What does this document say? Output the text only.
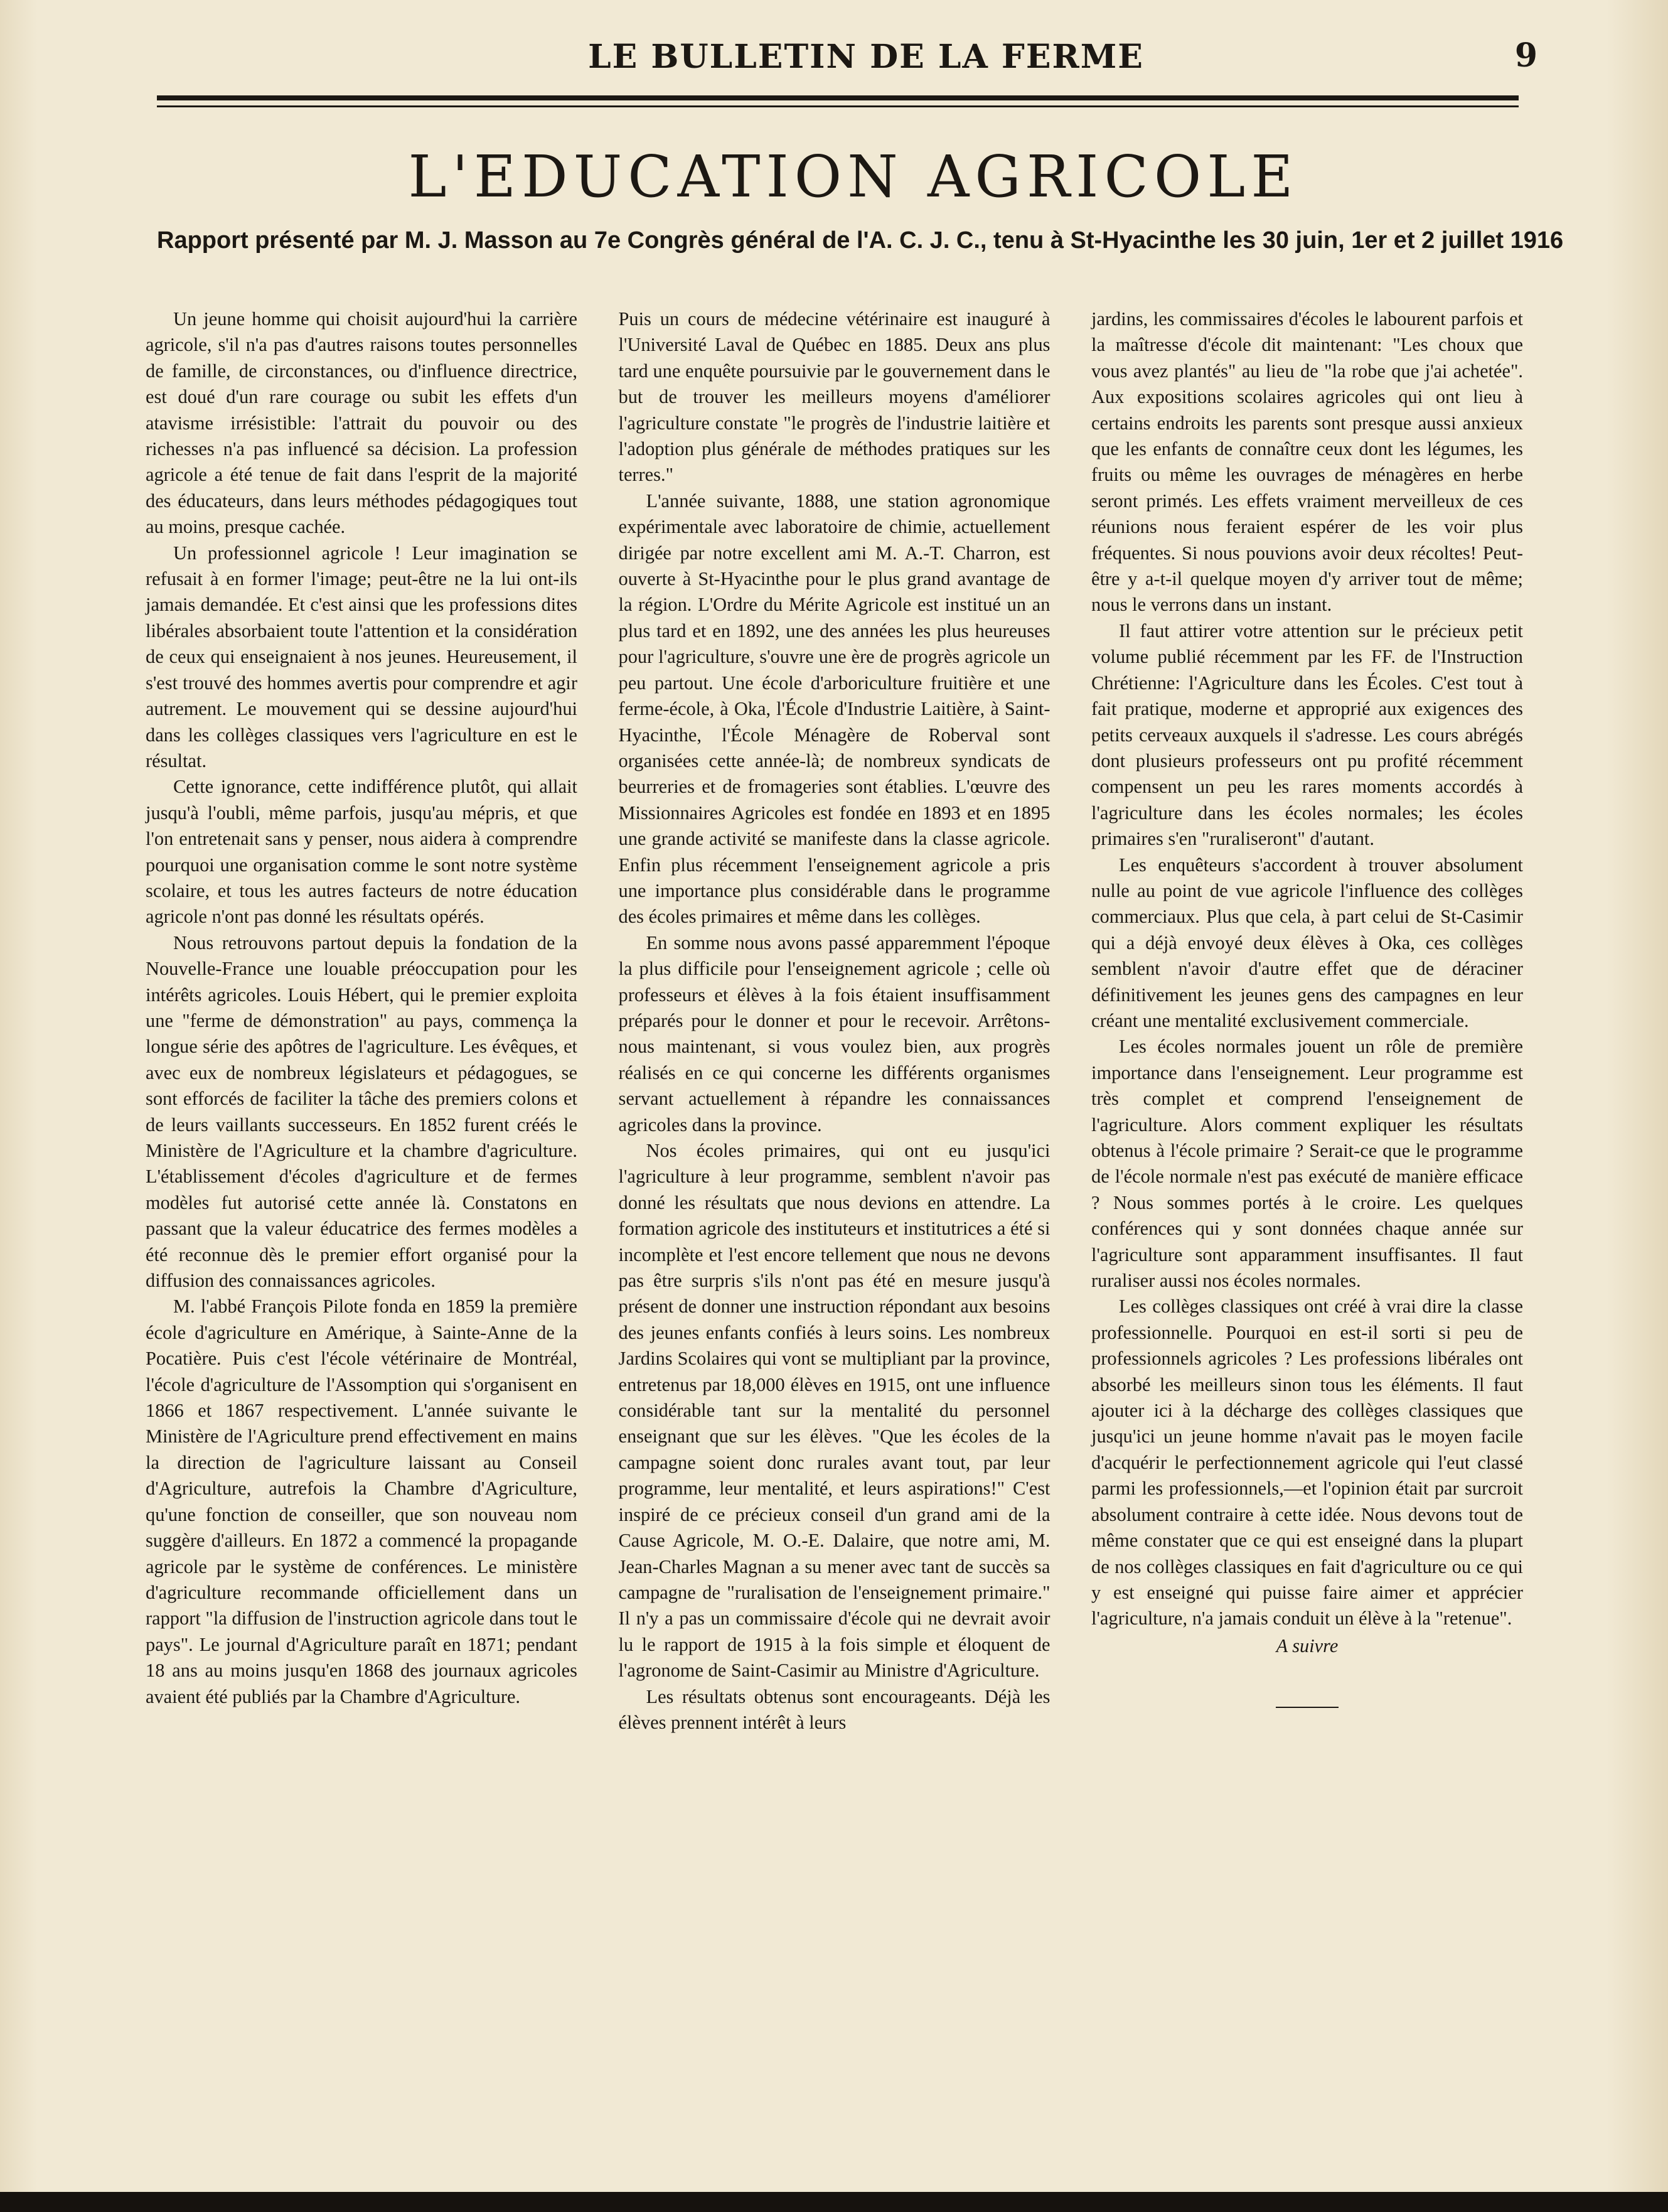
LE BULLETIN DE LA FERME	9
L'EDUCATION AGRICOLE
Rapport présenté par M. J. Masson au 7e Congrès général de l'A. C. J. C., tenu à St-Hyacinthe les 30 juin, 1er et 2 juillet 1916

Un jeune homme qui choisit aujourd'hui la carrière agricole, s'il n'a pas d'autres raisons toutes personnelles de famille, de circonstances, ou d'influence directrice, est doué d'un rare courage ou subit les effets d'un atavisme irrésistible: l'attrait du pouvoir ou des richesses n'a pas influencé sa décision. La profession agricole a été tenue de fait dans l'esprit de la majorité des éducateurs, dans leurs méthodes pédagogiques tout au moins, presque cachée.

Un professionnel agricole ! Leur imagination se refusait à en former l'image; peut-être ne la lui ont-ils jamais demandée. Et c'est ainsi que les professions dites libérales absorbaient toute l'attention et la considération de ceux qui enseignaient à nos jeunes. Heureusement, il s'est trouvé des hommes avertis pour comprendre et agir autrement. Le mouvement qui se dessine aujourd'hui dans les collèges classiques vers l'agriculture en est le résultat.

Cette ignorance, cette indifférence plutôt, qui allait jusqu'à l'oubli, même parfois, jusqu'au mépris, et que l'on entretenait sans y penser, nous aidera à comprendre pourquoi une organisation comme le sont notre système scolaire, et tous les autres facteurs de notre éducation agricole n'ont pas donné les résultats opérés.

Nous retrouvons partout depuis la fondation de la Nouvelle-France une louable préoccupation pour les intérêts agricoles. Louis Hébert, qui le premier exploita une "ferme de démonstration" au pays, commença la longue série des apôtres de l'agriculture. Les évêques, et avec eux de nombreux législateurs et pédagogues, se sont efforcés de faciliter la tâche des premiers colons et de leurs vaillants successeurs. En 1852 furent créés le Ministère de l'Agriculture et la chambre d'agriculture. L'établissement d'écoles d'agriculture et de fermes modèles fut autorisé cette année là. Constatons en passant que la valeur éducatrice des fermes modèles a été reconnue dès le premier effort organisé pour la diffusion des connaissances agricoles.

M. l'abbé François Pilote fonda en 1859 la première école d'agriculture en Amérique, à Sainte-Anne de la Pocatière. Puis c'est l'école vétérinaire de Montréal, l'école d'agriculture de l'Assomption qui s'organisent en 1866 et 1867 respectivement. L'année suivante le Ministère de l'Agriculture prend effectivement en mains la direction de l'agriculture laissant au Conseil d'Agriculture, autrefois la Chambre d'Agriculture, qu'une fonction de conseiller, que son nouveau nom suggère d'ailleurs. En 1872 a commencé la propagande agricole par le système de conférences. Le ministère d'agriculture recommande officiellement dans un rapport "la diffusion de l'instruction agricole dans tout le pays". Le journal d'Agriculture paraît en 1871; pendant 18 ans au moins jusqu'en 1868 des journaux agricoles avaient été publiés par la Chambre d'Agriculture.

Puis un cours de médecine vétérinaire est inauguré à l'Université Laval de Québec en 1885. Deux ans plus tard une enquête poursuivie par le gouvernement dans le but de trouver les meilleurs moyens d'améliorer l'agriculture constate "le progrès de l'industrie laitière et l'adoption plus générale de méthodes pratiques sur les terres."

L'année suivante, 1888, une station agronomique expérimentale avec laboratoire de chimie, actuellement dirigée par notre excellent ami M. A.-T. Charron, est ouverte à St-Hyacinthe pour le plus grand avantage de la région. L'Ordre du Mérite Agricole est institué un an plus tard et en 1892, une des années les plus heureuses pour l'agriculture, s'ouvre une ère de progrès agricole un peu partout. Une école d'arboriculture fruitière et une ferme-école, à Oka, l'École d'Industrie Laitière, à Saint-Hyacinthe, l'École Ménagère de Roberval sont organisées cette année-là; de nombreux syndicats de beurreries et de fromageries sont établies. L'œuvre des Missionnaires Agricoles est fondée en 1893 et en 1895 une grande activité se manifeste dans la classe agricole. Enfin plus récemment l'enseignement agricole a pris une importance plus considérable dans le programme des écoles primaires et même dans les collèges.

En somme nous avons passé apparemment l'époque la plus difficile pour l'enseignement agricole ; celle où professeurs et élèves à la fois étaient insuffisamment préparés pour le donner et pour le recevoir. Arrêtons-nous maintenant, si vous voulez bien, aux progrès réalisés en ce qui concerne les différents organismes servant actuellement à répandre les connaissances agricoles dans la province.

Nos écoles primaires, qui ont eu jusqu'ici l'agriculture à leur programme, semblent n'avoir pas donné les résultats que nous devions en attendre. La formation agricole des instituteurs et institutrices a été si incomplète et l'est encore tellement que nous ne devons pas être surpris s'ils n'ont pas été en mesure jusqu'à présent de donner une instruction répondant aux besoins des jeunes enfants confiés à leurs soins. Les nombreux Jardins Scolaires qui vont se multipliant par la province, entretenus par 18,000 élèves en 1915, ont une influence considérable tant sur la mentalité du personnel enseignant que sur les élèves. "Que les écoles de la campagne soient donc rurales avant tout, par leur programme, leur mentalité, et leurs aspirations!" C'est inspiré de ce précieux conseil d'un grand ami de la Cause Agricole, M. O.-E. Dalaire, que notre ami, M. Jean-Charles Magnan a su mener avec tant de succès sa campagne de "ruralisation de l'enseignement primaire." Il n'y a pas un commissaire d'école qui ne devrait avoir lu le rapport de 1915 à la fois simple et éloquent de l'agronome de Saint-Casimir au Ministre d'Agriculture.

Les résultats obtenus sont encourageants. Déjà les élèves prennent intérêt à leurs

jardins, les commissaires d'écoles le labourent parfois et la maîtresse d'école dit maintenant: "Les choux que vous avez plantés" au lieu de "la robe que j'ai achetée". Aux expositions scolaires agricoles qui ont lieu à certains endroits les parents sont presque aussi anxieux que les enfants de connaître ceux dont les légumes, les fruits ou même les ouvrages de ménagères en herbe seront primés. Les effets vraiment merveilleux de ces réunions nous feraient espérer de les voir plus fréquentes. Si nous pouvions avoir deux récoltes! Peut-être y a-t-il quelque moyen d'y arriver tout de même; nous le verrons dans un instant.

Il faut attirer votre attention sur le précieux petit volume publié récemment par les FF. de l'Instruction Chrétienne: l'Agriculture dans les Écoles. C'est tout à fait pratique, moderne et approprié aux exigences des petits cerveaux auxquels il s'adresse. Les cours abrégés dont plusieurs professeurs ont pu profité récemment compensent un peu les rares moments accordés à l'agriculture dans les écoles normales; les écoles primaires s'en "ruraliseront" d'autant.

Les enquêteurs s'accordent à trouver absolument nulle au point de vue agricole l'influence des collèges commerciaux. Plus que cela, à part celui de St-Casimir qui a déjà envoyé deux élèves à Oka, ces collèges semblent n'avoir d'autre effet que de déraciner définitivement les jeunes gens des campagnes en leur créant une mentalité exclusivement commerciale.

Les écoles normales jouent un rôle de première importance dans l'enseignement. Leur programme est très complet et comprend l'enseignement de l'agriculture. Alors comment expliquer les résultats obtenus à l'école primaire ? Serait-ce que le programme de l'école normale n'est pas exécuté de manière efficace ? Nous sommes portés à le croire. Les quelques conférences qui y sont données chaque année sur l'agriculture sont apparamment insuffisantes. Il faut ruraliser aussi nos écoles normales.

Les collèges classiques ont créé à vrai dire la classe professionnelle. Pourquoi en est-il sorti si peu de professionnels agricoles ? Les professions libérales ont absorbé les meilleurs sinon tous les éléments. Il faut ajouter ici à la décharge des collèges classiques que jusqu'ici un jeune homme n'avait pas le moyen facile d'acquérir le perfectionnement agricole qui l'eut classé parmi les professionnels,—et l'opinion était par surcroit absolument contraire à cette idée. Nous devons tout de même constater que ce qui est enseigné dans la plupart de nos collèges classiques en fait d'agriculture ou ce qui y est enseigné qui puisse faire aimer et apprécier l'agriculture, n'a jamais conduit un élève à la "retenue".

A suivre
